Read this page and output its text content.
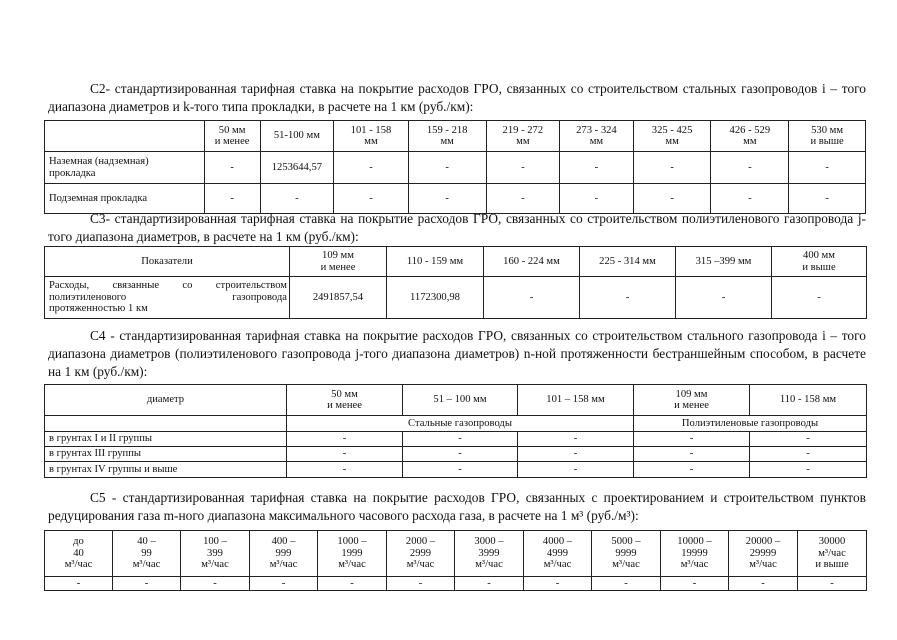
С2- стандартизированная тарифная ставка на покрытие расходов ГРО, связанных со строительством стальных газопроводов i – того диапазона диаметров и k-того типа прокладки, в расчете на 1 км (руб./км):

	50 мм
и менее	51-100 мм	101 - 158
мм	159 - 218
мм	219 - 272
мм	273 - 324
мм	325 - 425
мм	426 - 529
мм	530 мм
и выше

Наземная (надземная)
прокладка	-	1253644,57	-	-	-	-	-	-	-

Подземная прокладка	-	-	-	-	-	-	-	-	-

С3- стандартизированная тарифная ставка на покрытие расходов ГРО, связанных со строительством полиэтиленового газопровода j-того диапазона диаметров, в расчете на 1 км (руб./км):

Показатели	109 мм
и менее	110 - 159 мм	160 - 224 мм	225 - 314 мм	315 –399 мм	400 мм
и выше

Расходы, связанные со строительством
полиэтиленового газопровода
протяженностью 1 км	2491857,54	1172300,98	-	-	-	-

С4 - стандартизированная тарифная ставка на покрытие расходов ГРО, связанных со строительством стального газопровода i – того диапазона диаметров (полиэтиленового газопровода j-того диапазона диаметров) n-ной протяженности бестраншейным способом, в расчете на 1 км (руб./км):

диаметр	50 мм
и менее	51 – 100 мм	101 – 158 мм	109 мм
и менее	110 - 158 мм
	Стальные газопроводы			Полиэтиленовые газопроводы	
в грунтах I и II группы	-	-	-	-	-
в грунтах III группы	-	-	-	-	-
в грунтах IV группы и выше	-	-	-	-	-

С5 - стандартизированная тарифная ставка на покрытие расходов ГРО, связанных с проектированием и строительством пунктов редуцирования газа m-ного диапазона максимального часового расхода газа, в расчете на 1 м³ (руб./м³):

до
40
м³/час	40 –
99
м³/час	100 –
399
м³/час	400 –
999
м³/час	1000 –
1999
м³/час	2000 –
2999
м³/час	3000 –
3999
м³/час	4000 –
4999
м³/час	5000 –
9999
м³/час	10000 –
19999
м³/час	20000 –
29999
м³/час	30000
м³/час
и выше

-	-	-	-	-	-	-	-	-	-	-	-
